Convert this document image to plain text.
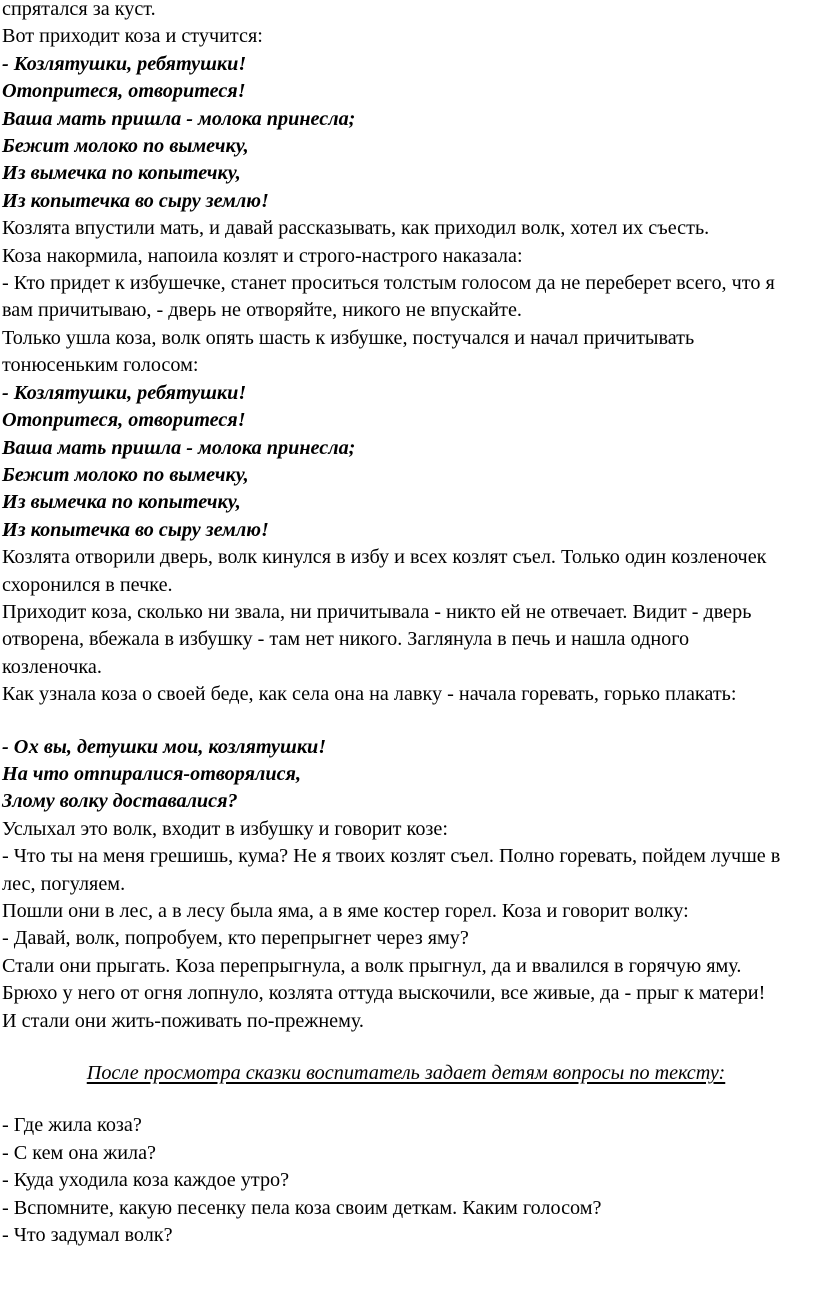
спрятался за куст.

Вот приходит коза и стучится:

- Козлятушки, ребятушки!
Отопритеся, отворитеся!
Ваша мать пришла - молока принесла;
Бежит молоко по вымечку,
Из вымечка по копытечку,
Из копытечка во сыру землю!

Козлята впустили мать, и давай рассказывать, как приходил волк, хотел их съесть.

Коза накормила, напоила козлят и строго-настрого наказала:

- Кто придет к избушечке, станет проситься толстым голосом да не переберет всего, что я
вам причитываю, - дверь не отворяйте, никого не впускайте.

Только ушла коза, волк опять шасть к избушке, постучался и начал причитывать
тонюсеньким голосом:

- Козлятушки, ребятушки!
Отопритеся, отворитеся!
Ваша мать пришла - молока принесла;
Бежит молоко по вымечку,
Из вымечка по копытечку,
Из копытечка во сыру землю!

Козлята отворили дверь, волк кинулся в избу и всех козлят съел. Только один козленочек
схоронился в печке.

Приходит коза, сколько ни звала, ни причитывала - никто ей не отвечает. Видит - дверь
отворена, вбежала в избушку - там нет никого. Заглянула в печь и нашла одного
козленочка.

Как узнала коза о своей беде, как села она на лавку - начала горевать, горько плакать:

- Ох вы, детушки мои, козлятушки!
На что отпиралися-отворялися,
Злому волку доставалися?

Услыхал это волк, входит в избушку и говорит козе:

- Что ты на меня грешишь, кума? Не я твоих козлят съел. Полно горевать, пойдем лучше в
лес, погуляем.

Пошли они в лес, а в лесу была яма, а в яме костер горел. Коза и говорит волку:

- Давай, волк, попробуем, кто перепрыгнет через яму?

Стали они прыгать. Коза перепрыгнула, а волк прыгнул, да и ввалился в горячую яму.

Брюхо у него от огня лопнуло, козлята оттуда выскочили, все живые, да - прыг к матери!

И стали они жить-поживать по-прежнему.

После просмотра сказки воспитатель задает детям вопросы по тексту:

- Где жила коза?
- С кем она жила?
- Куда уходила коза каждое утро?
- Вспомните, какую песенку пела коза своим деткам. Каким голосом?
- Что задумал волк?
